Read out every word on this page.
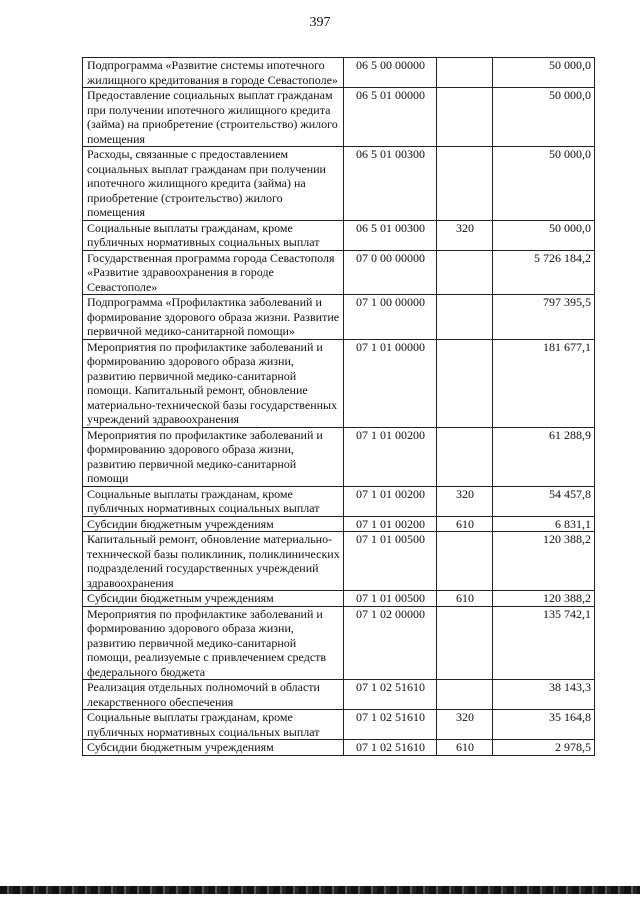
397
Подпрограмма «Развитие системы ипотечного жилищного кредитования в городе Севастополе»	06 5 00 00000		50 000,0
Предоставление социальных выплат гражданам при получении ипотечного жилищного кредита (займа) на приобретение (строительство) жилого помещения	06 5 01 00000		50 000,0
Расходы, связанные с предоставлением социальных выплат гражданам при получении ипотечного жилищного кредита (займа) на приобретение (строительство) жилого помещения	06 5 01 00300		50 000,0
Социальные выплаты гражданам, кроме публичных нормативных социальных выплат	06 5 01 00300	320	50 000,0
Государственная программа города Севастополя «Развитие здравоохранения в городе Севастополе»	07 0 00 00000		5 726 184,2
Подпрограмма «Профилактика заболеваний и формирование здорового образа жизни. Развитие первичной медико-санитарной помощи»	07 1 00 00000		797 395,5
Мероприятия по профилактике заболеваний и формированию здорового образа жизни, развитию первичной медико-санитарной помощи. Капитальный ремонт, обновление материально-технической базы государственных учреждений здравоохранения	07 1 01 00000		181 677,1
Мероприятия по профилактике заболеваний и формированию здорового образа жизни, развитию первичной медико-санитарной помощи	07 1 01 00200		61 288,9
Социальные выплаты гражданам, кроме публичных нормативных социальных выплат	07 1 01 00200	320	54 457,8
Субсидии бюджетным учреждениям	07 1 01 00200	610	6 831,1
Капитальный ремонт, обновление материально-технической базы поликлиник, поликлинических подразделений государственных учреждений здравоохранения	07 1 01 00500		120 388,2
Субсидии бюджетным учреждениям	07 1 01 00500	610	120 388,2
Мероприятия по профилактике заболеваний и формированию здорового образа жизни, развитию первичной медико-санитарной помощи, реализуемые с привлечением средств федерального бюджета	07 1 02 00000		135 742,1
Реализация отдельных полномочий в области лекарственного обеспечения	07 1 02 51610		38 143,3
Социальные выплаты гражданам, кроме публичных нормативных социальных выплат	07 1 02 51610	320	35 164,8
Субсидии бюджетным учреждениям	07 1 02 51610	610	2 978,5
